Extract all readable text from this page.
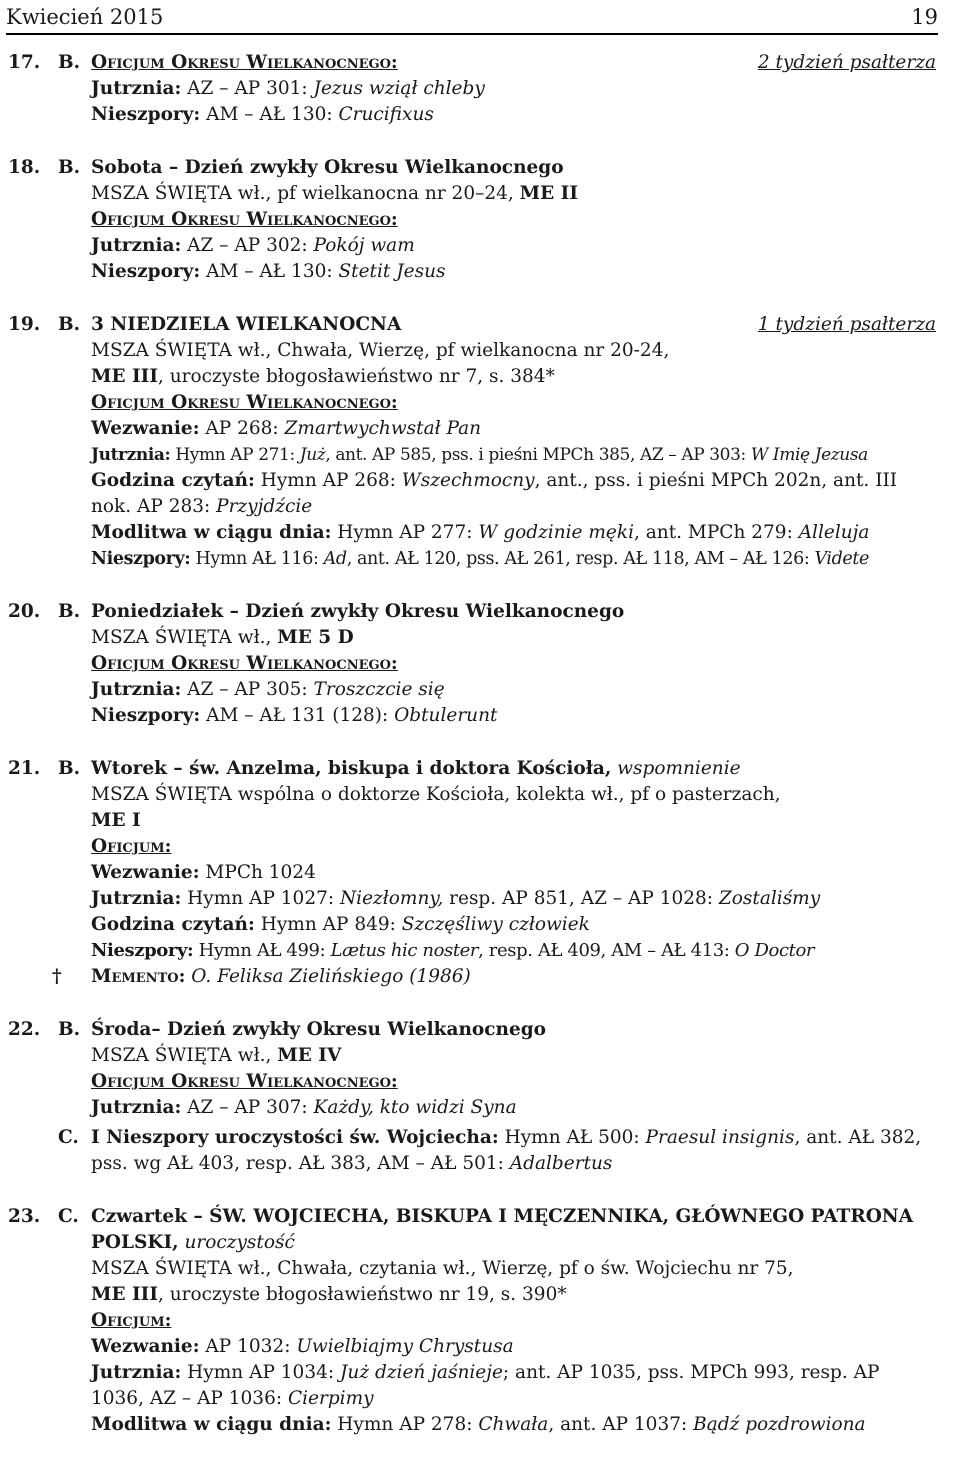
Kwiecień 2015	19
17. B. Oficjum Okresu Wielkanocnego:	2 tydzień psałterza
Jutrznia: AZ – AP 301: Jezus wziął chleby
Nieszpory: AM – AŁ 130: Crucifixus
18. B. Sobota – Dzień zwykły Okresu Wielkanocnego
MSZA ŚWIĘTA wł., pf wielkanocna nr 20–24, ME II
Oficjum Okresu Wielkanocnego:
Jutrznia: AZ – AP 302: Pokój wam
Nieszpory: AM – AŁ 130: Stetit Jesus
19. B. 3 NIEDZIELA WIELKANOCNA	1 tydzień psałterza
MSZA ŚWIĘTA wł., Chwała, Wierzę, pf wielkanocna nr 20-24,
ME III, uroczyste błogosławieństwo nr 7, s. 384*
Oficjum Okresu Wielkanocnego:
Wezwanie: AP 268: Zmartwychwstał Pan
Jutrznia: Hymn AP 271: Już, ant. AP 585, pss. i pieśni MPCh 385, AZ – AP 303: W Imię Jezusa
Godzina czytań: Hymn AP 268: Wszechmocny, ant., pss. i pieśni MPCh 202n, ant. III nok. AP 283: Przyjdźcie
Modlitwa w ciągu dnia: Hymn AP 277: W godzinie męki, ant. MPCh 279: Alleluja
Nieszpory: Hymn AŁ 116: Ad, ant. AŁ 120, pss. AŁ 261, resp. AŁ 118, AM – AŁ 126: Videte
20. B. Poniedziałek – Dzień zwykły Okresu Wielkanocnego
MSZA ŚWIĘTA wł., ME 5 D
Oficjum Okresu Wielkanocnego:
Jutrznia: AZ – AP 305: Troszczcie się
Nieszpory: AM – AŁ 131 (128): Obtulerunt
21. B. Wtorek – św. Anzelma, biskupa i doktora Kościoła, wspomnienie
MSZA ŚWIĘTA wspólna o doktorze Kościoła, kolekta wł., pf o pasterzach,
ME I
Oficjum:
Wezwanie: MPCh 1024
Jutrznia: Hymn AP 1027: Niezłomny, resp. AP 851, AZ – AP 1028: Zostaliśmy
Godzina czytań: Hymn AP 849: Szczęśliwy człowiek
Nieszpory: Hymn AŁ 499: Lætus hic noster, resp. AŁ 409, AM – AŁ 413: O Doctor
† Memento: O. Feliksa Zielińskiego (1986)
22. B. Środa– Dzień zwykły Okresu Wielkanocnego
MSZA ŚWIĘTA wł., ME IV
Oficjum Okresu Wielkanocnego:
Jutrznia: AZ – AP 307: Każdy, kto widzi Syna
C. I Nieszpory uroczystości św. Wojciecha: Hymn AŁ 500: Praesul insignis, ant. AŁ 382, pss. wg AŁ 403, resp. AŁ 383, AM – AŁ 501: Adalbertus
23. C. Czwartek – ŚW. WOJCIECHA, BISKUPA I MĘCZENNIKA, GŁÓWNEGO PATRONA POLSKI, uroczystość
MSZA ŚWIĘTA wł., Chwała, czytania wł., Wierzę, pf o św. Wojciechu nr 75,
ME III, uroczyste błogosławieństwo nr 19, s. 390*
Oficjum:
Wezwanie: AP 1032: Uwielbiajmy Chrystusa
Jutrznia: Hymn AP 1034: Już dzień jaśnieje; ant. AP 1035, pss. MPCh 993, resp. AP 1036, AZ – AP 1036: Cierpimy
Modlitwa w ciągu dnia: Hymn AP 278: Chwała, ant. AP 1037: Bądź pozdrowiona
